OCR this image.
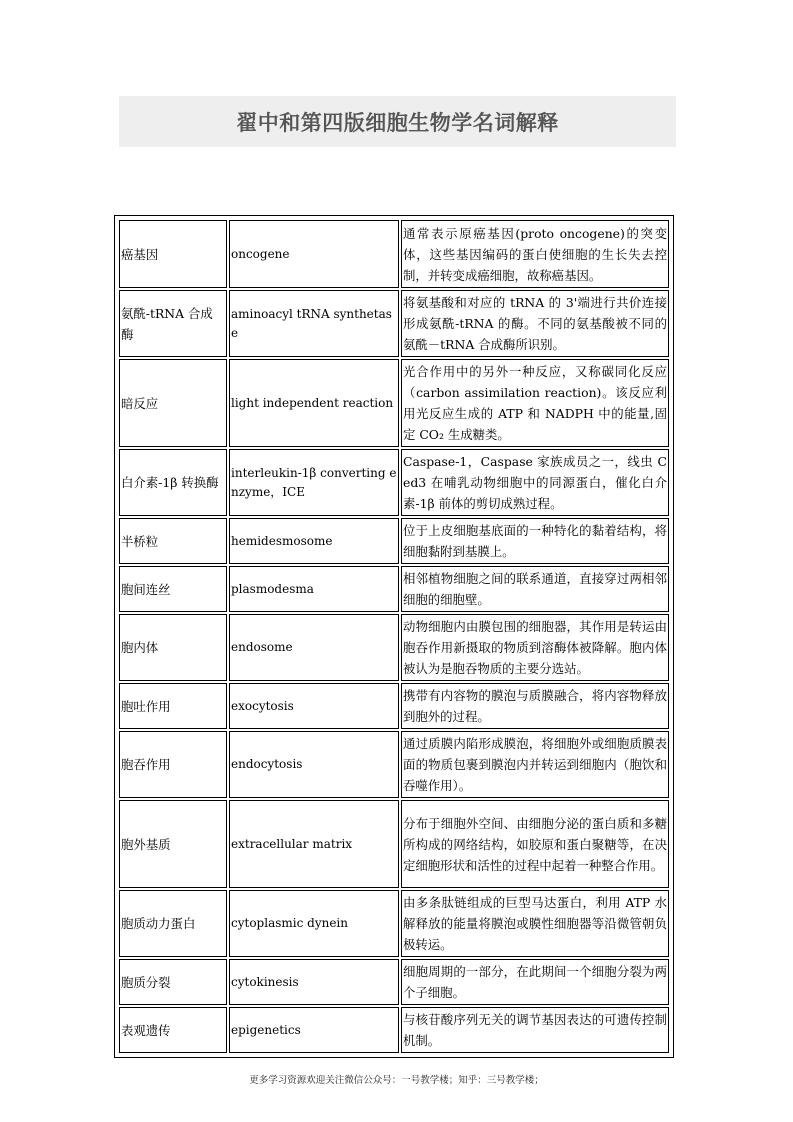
翟中和第四版细胞生物学名词解释
癌基因	oncogene	通常表示原癌基因(proto oncogene)的突变体，这些基因编码的蛋白使细胞的生长失去控制，并转变成癌细胞，故称癌基因。
氨酰-tRNA 合成酶	aminoacyl tRNA synthetase	将氨基酸和对应的 tRNA 的 3'端进行共价连接形成氨酰-tRNA 的酶。不同的氨基酸被不同的氨酰－tRNA 合成酶所识别。
暗反应	light independent reaction	光合作用中的另外一种反应，又称碳同化反应（carbon assimilation reaction)。该反应利用光反应生成的 ATP 和 NADPH 中的能量,固定 CO₂ 生成糖类。
白介素-1β 转换酶	interleukin-1β converting enzyme，ICE	Caspase-1，Caspase 家族成员之一，线虫 Ced3 在哺乳动物细胞中的同源蛋白，催化白介素-1β 前体的剪切成熟过程。
半桥粒	hemidesmosome	位于上皮细胞基底面的一种特化的黏着结构，将细胞黏附到基膜上。
胞间连丝	plasmodesma	相邻植物细胞之间的联系通道，直接穿过两相邻细胞的细胞壁。
胞内体	endosome	动物细胞内由膜包围的细胞器，其作用是转运由胞吞作用新摄取的物质到溶酶体被降解。胞内体被认为是胞吞物质的主要分选站。
胞吐作用	exocytosis	携带有内容物的膜泡与质膜融合，将内容物释放到胞外的过程。
胞吞作用	endocytosis	通过质膜内陷形成膜泡，将细胞外或细胞质膜表面的物质包裹到膜泡内并转运到细胞内（胞饮和吞噬作用）。
胞外基质	extracellular matrix	分布于细胞外空间、由细胞分泌的蛋白质和多糖所构成的网络结构，如胶原和蛋白聚糖等，在决定细胞形状和活性的过程中起着一种整合作用。
胞质动力蛋白	cytoplasmic dynein	由多条肽链组成的巨型马达蛋白，利用 ATP 水解释放的能量将膜泡或膜性细胞器等沿微管朝负极转运。
胞质分裂	cytokinesis	细胞周期的一部分，在此期间一个细胞分裂为两个子细胞。
表观遗传	epigenetics	与核苷酸序列无关的调节基因表达的可遗传控制机制。
更多学习资源欢迎关注微信公众号：一号教学楼；知乎：三号教学楼；
